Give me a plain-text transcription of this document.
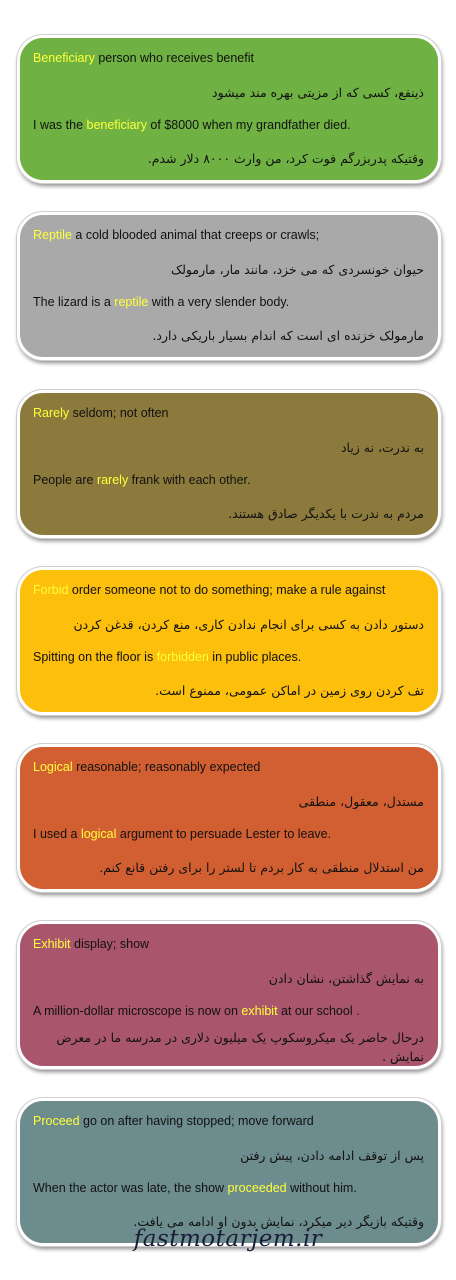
Beneficiary person who receives benefit
ذینفع، کسی که از مزیتی بهره مند میشود
I was the beneficiary of $8000 when my grandfather died.
وقتیکه پدربزرگم فوت کرد، من وارث ۸۰۰۰ دلار شدم.
Reptile a cold blooded animal that creeps or crawls;
حیوان خونسردی که می خزد، مانند مار، مارمولک
The lizard is a reptile with a very slender body.
مارمولک خزنده ای است که اندام بسیار باریکی دارد.
Rarely seldom; not often
به ندرت، نه زیاد
People are rarely frank with each other.
مردم به ندرت با یکدیگر صادق هستند.
Forbid order someone not to do something; make a rule against
دستور دادن به کسی برای انجام ندادن کاری، منع کردن، قدغن کردن
Spitting on the floor is forbidden in public places.
تف کردن روی زمین در اماکن عمومی، ممنوع است.
Logical reasonable; reasonably expected
مستدل، معقول، منطقی
I used a logical argument to persuade Lester to leave.
من استدلال منطقی به کار بردم تا لستر را برای رفتن قانع کنم.
Exhibit display; show
به نمایش گذاشتن، نشان دادن
A million-dollar microscope is now on exhibit at our school .
درحال حاضر یک میکروسکوپ یک میلیون دلاری در مدرسه ما در معرض نمایش .
Proceed go on after having stopped; move forward
پس از توقف ادامه دادن، پیش رفتن
When the actor was late, the show proceeded without him.
وقتیکه بازیگر دیر میکرد، نمایش بدون او ادامه می یافت.
fastmotarjem.ir
